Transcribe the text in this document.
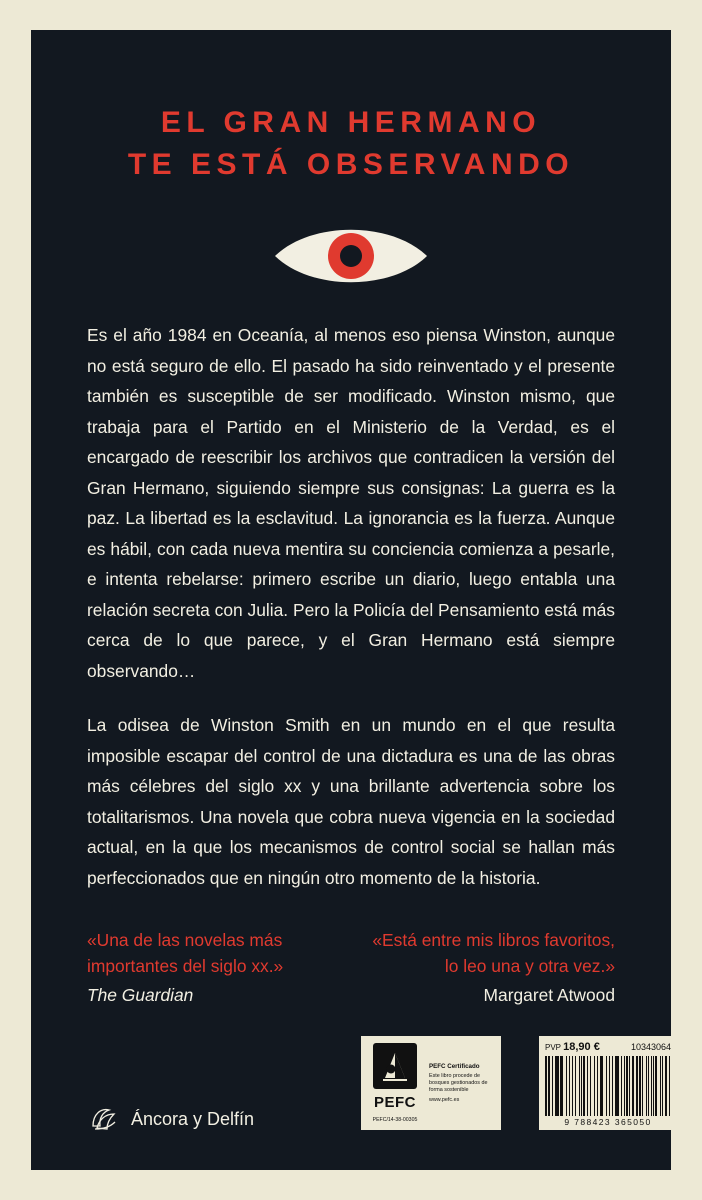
EL GRAN HERMANO
TE ESTÁ OBSERVANDO

Es el año 1984 en Oceanía, al menos eso piensa Winston, aunque no está seguro de ello. El pasado ha sido reinventado y el presente también es susceptible de ser modificado. Winston mismo, que trabaja para el Partido en el Ministerio de la Verdad, es el encargado de reescribir los archivos que contradicen la versión del Gran Hermano, siguiendo siempre sus consignas: La guerra es la paz. La libertad es la esclavitud. La ignorancia es la fuerza. Aunque es hábil, con cada nueva mentira su conciencia comienza a pesarle, e intenta rebelarse: primero escribe un diario, luego entabla una relación secreta con Julia. Pero la Policía del Pensamiento está más cerca de lo que parece, y el Gran Hermano está siempre observando…

La odisea de Winston Smith en un mundo en el que resulta imposible escapar del control de una dictadura es una de las obras más célebres del siglo xx y una brillante advertencia sobre los totalitarismos. Una novela que cobra nueva vigencia en la sociedad actual, en la que los mecanismos de control social se hallan más perfeccionados que en ningún otro momento de la historia.

«Una de las novelas más importantes del siglo xx.»
The Guardian
«Está entre mis libros favoritos, lo leo una y otra vez.»
Margaret Atwood
Áncora y Delfín
PEFC
PEFC/14-38-00305
PEFC Certificado
Este libro procede de bosques gestionados de forma sostenible
www.pefc.es
PVP 18,90 €	10343064
9 788423 365050
